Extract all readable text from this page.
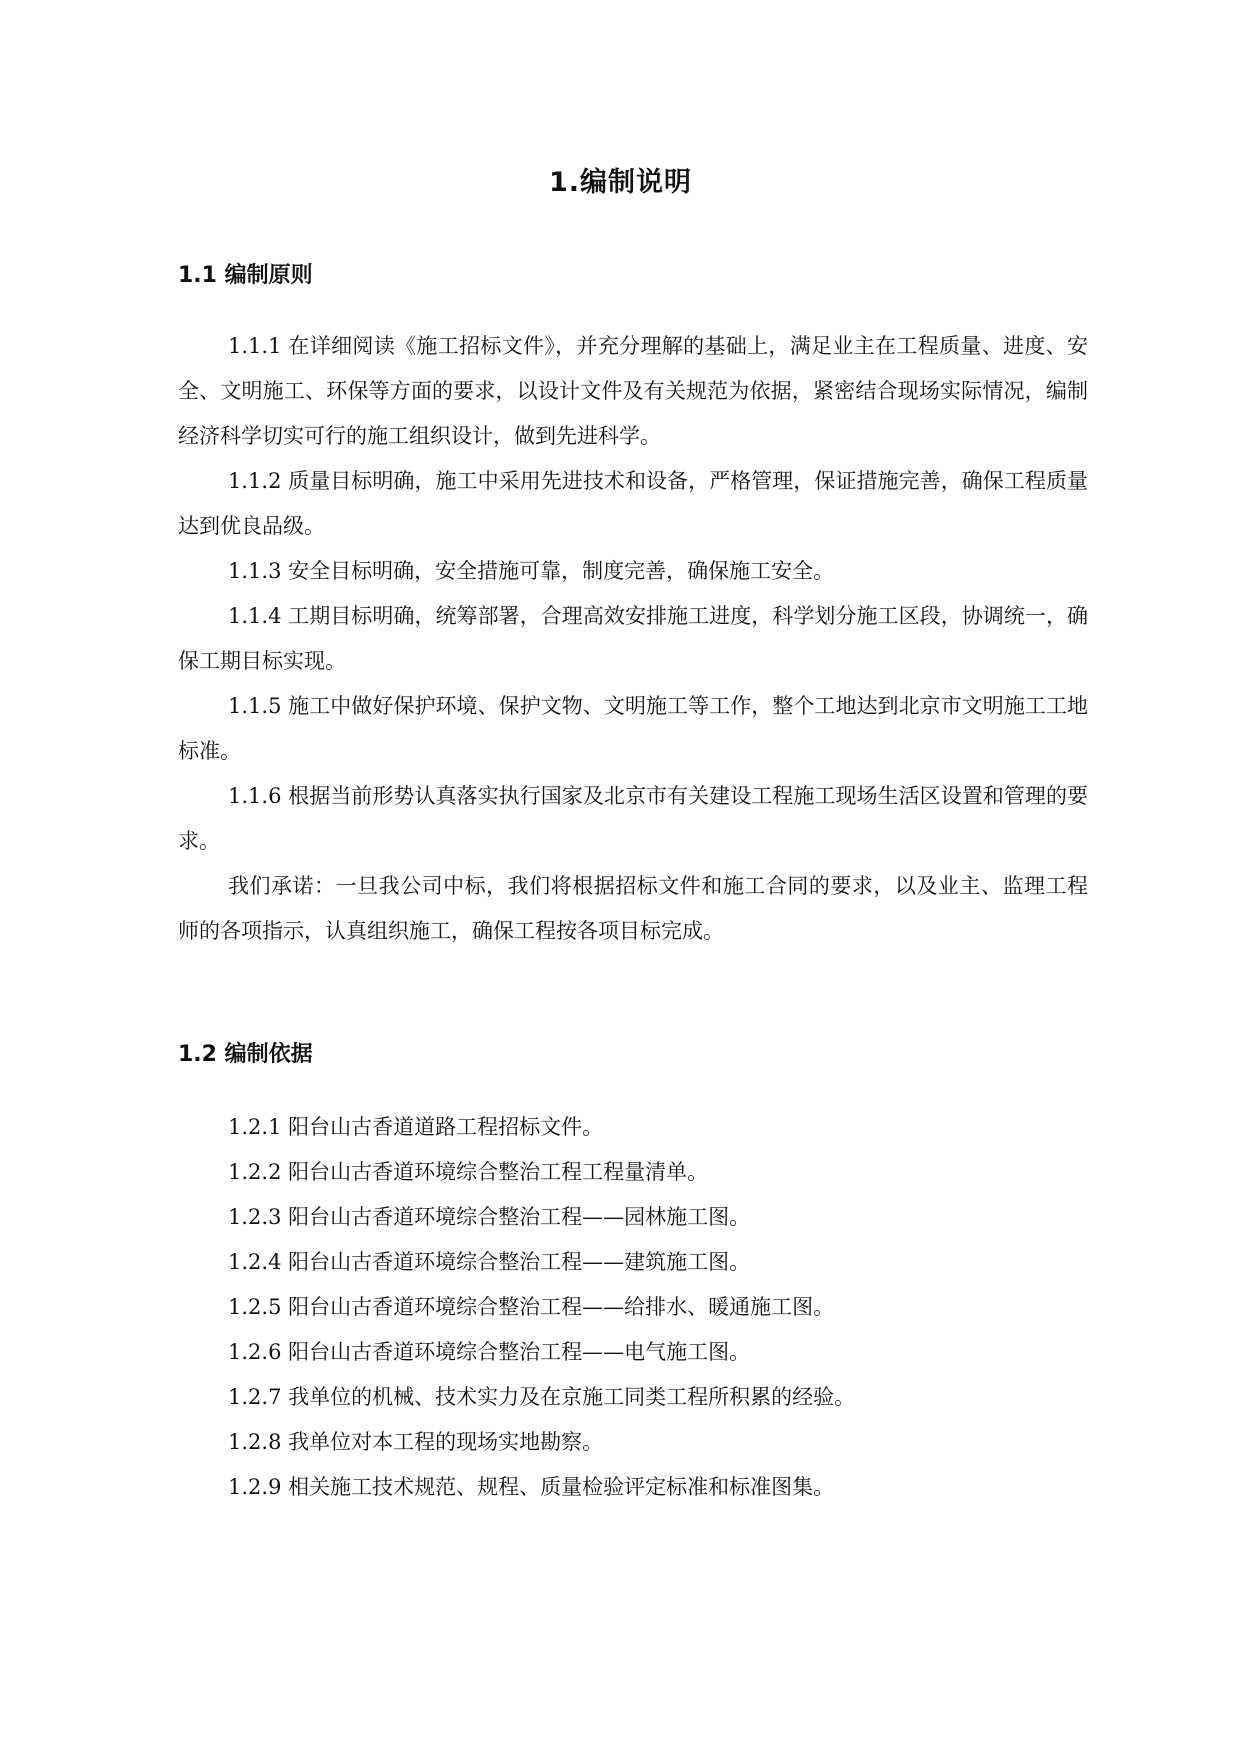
1.编制说明
1.1 编制原则

1.1.1 在详细阅读《施工招标文件》，并充分理解的基础上，满足业主在工程质量、进度、安全、文明施工、环保等方面的要求，以设计文件及有关规范为依据，紧密结合现场实际情况，编制经济科学切实可行的施工组织设计，做到先进科学。

1.1.2 质量目标明确，施工中采用先进技术和设备，严格管理，保证措施完善，确保工程质量达到优良品级。

1.1.3 安全目标明确，安全措施可靠，制度完善，确保施工安全。

1.1.4 工期目标明确，统筹部署，合理高效安排施工进度，科学划分施工区段，协调统一，确保工期目标实现。

1.1.5 施工中做好保护环境、保护文物、文明施工等工作，整个工地达到北京市文明施工工地标准。

1.1.6 根据当前形势认真落实执行国家及北京市有关建设工程施工现场生活区设置和管理的要求。

我们承诺：一旦我公司中标，我们将根据招标文件和施工合同的要求，以及业主、监理工程师的各项指示，认真组织施工，确保工程按各项目标完成。

1.2 编制依据

1.2.1 阳台山古香道道路工程招标文件。

1.2.2 阳台山古香道环境综合整治工程工程量清单。

1.2.3 阳台山古香道环境综合整治工程——园林施工图。

1.2.4 阳台山古香道环境综合整治工程——建筑施工图。

1.2.5 阳台山古香道环境综合整治工程——给排水、暖通施工图。

1.2.6 阳台山古香道环境综合整治工程——电气施工图。

1.2.7 我单位的机械、技术实力及在京施工同类工程所积累的经验。

1.2.8 我单位对本工程的现场实地勘察。

1.2.9 相关施工技术规范、规程、质量检验评定标准和标准图集。
